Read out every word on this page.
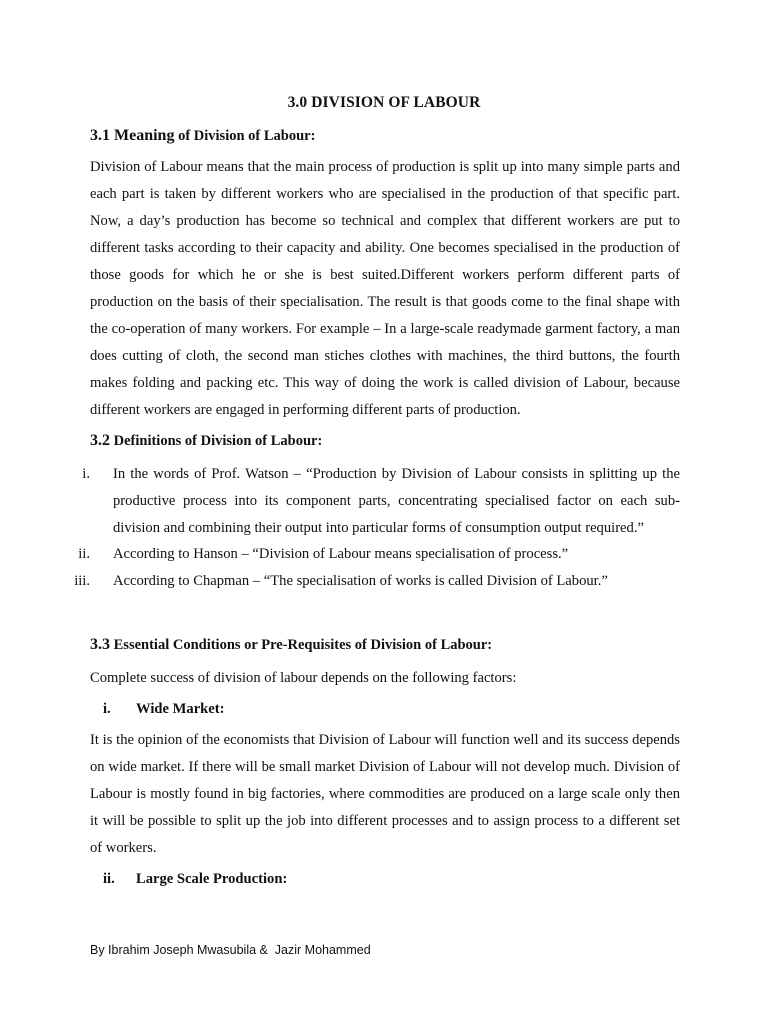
3.0 DIVISION OF LABOUR
3.1 Meaning of Division of Labour:

Division of Labour means that the main process of production is split up into many simple parts and each part is taken by different workers who are specialised in the production of that specific part. Now, a day’s production has become so technical and complex that different workers are put to different tasks according to their capacity and ability. One becomes specialised in the production of those goods for which he or she is best suited.Different workers perform different parts of production on the basis of their specialisation. The result is that goods come to the final shape with the co-operation of many workers. For example – In a large-scale readymade garment factory, a man does cutting of cloth, the second man stiches clothes with machines, the third buttons, the fourth makes folding and packing etc. This way of doing the work is called division of Labour, because different workers are engaged in performing different parts of production.

3.2 Definitions of Division of Labour:
i. In the words of Prof. Watson – “Production by Division of Labour consists in splitting up the productive process into its component parts, concentrating specialised factor on each sub-division and combining their output into particular forms of consumption output required.”
ii. According to Hanson – “Division of Labour means specialisation of process.”
iii. According to Chapman – “The specialisation of works is called Division of Labour.”
3.3 Essential Conditions or Pre-Requisites of Division of Labour:

Complete success of division of labour depends on the following factors:

i.	Wide Market:

It is the opinion of the economists that Division of Labour will function well and its success depends on wide market. If there will be small market Division of Labour will not develop much. Division of Labour is mostly found in big factories, where commodities are produced on a large scale only then it will be possible to split up the job into different processes and to assign process to a different set of workers.

ii.	Large Scale Production:
By Ibrahim Joseph Mwasubila &  Jazir Mohammed
